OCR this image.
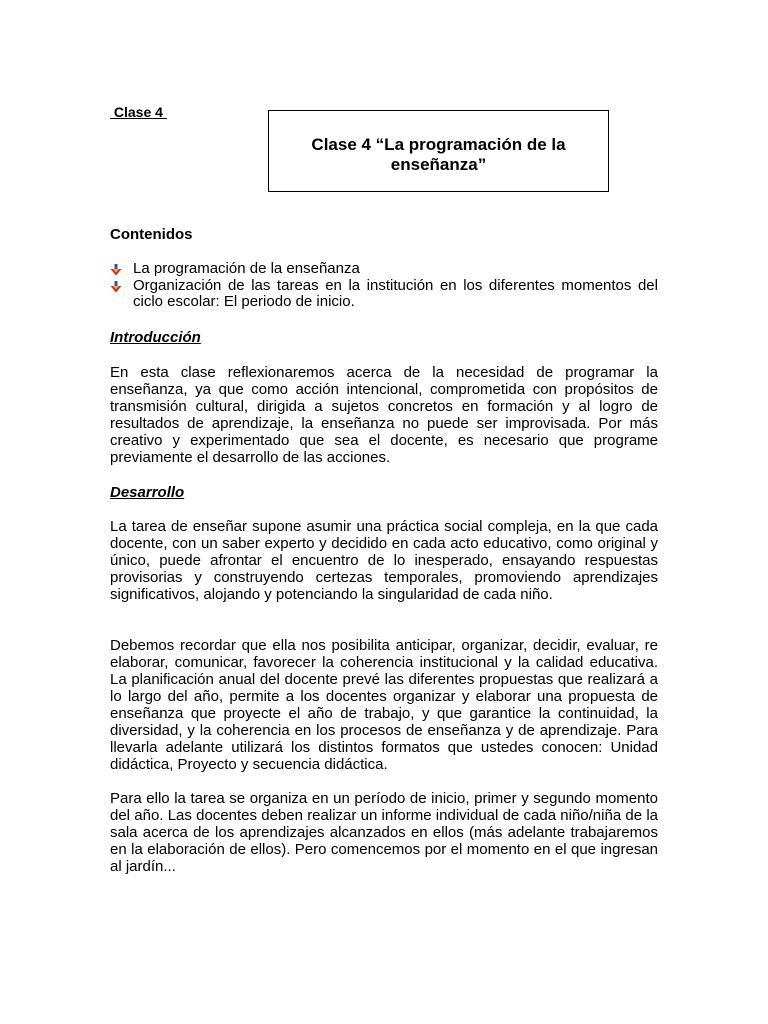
Clase 4
Clase 4 “La programación de la enseñanza”
Contenidos
La programación de la enseñanza
Organización de las tareas en la institución en los diferentes momentos del ciclo escolar: El periodo de inicio.
Introducción

En esta clase reflexionaremos acerca de la necesidad de programar la enseñanza, ya que como acción intencional, comprometida con propósitos de transmisión cultural, dirigida a sujetos concretos en formación y al logro de resultados de aprendizaje, la enseñanza no puede ser improvisada. Por más creativo y experimentado que sea el docente, es necesario que programe previamente el desarrollo de las acciones.

Desarrollo

La tarea de enseñar supone asumir una práctica social compleja, en la que cada docente, con un saber experto y decidido en cada acto educativo, como original y único, puede afrontar el encuentro de lo inesperado, ensayando respuestas provisorias y construyendo certezas temporales, promoviendo aprendizajes significativos, alojando y potenciando la singularidad de cada niño.

Debemos recordar que ella nos posibilita anticipar, organizar, decidir, evaluar, re elaborar, comunicar, favorecer la coherencia institucional y la calidad educativa. La planificación anual del docente prevé las diferentes propuestas que realizará a lo largo del año, permite a los docentes organizar y elaborar una propuesta de enseñanza que proyecte el año de trabajo, y que garantice la continuidad, la diversidad, y la coherencia en los procesos de enseñanza y de aprendizaje. Para llevarla adelante utilizará los distintos formatos que ustedes conocen: Unidad didáctica, Proyecto y secuencia didáctica.

Para ello la tarea se organiza en un período de inicio, primer y segundo momento del año. Las docentes deben realizar un informe individual de cada niño/niña de la sala acerca de los aprendizajes alcanzados en ellos (más adelante trabajaremos en la elaboración de ellos). Pero comencemos por el momento en el que ingresan al jardín...
